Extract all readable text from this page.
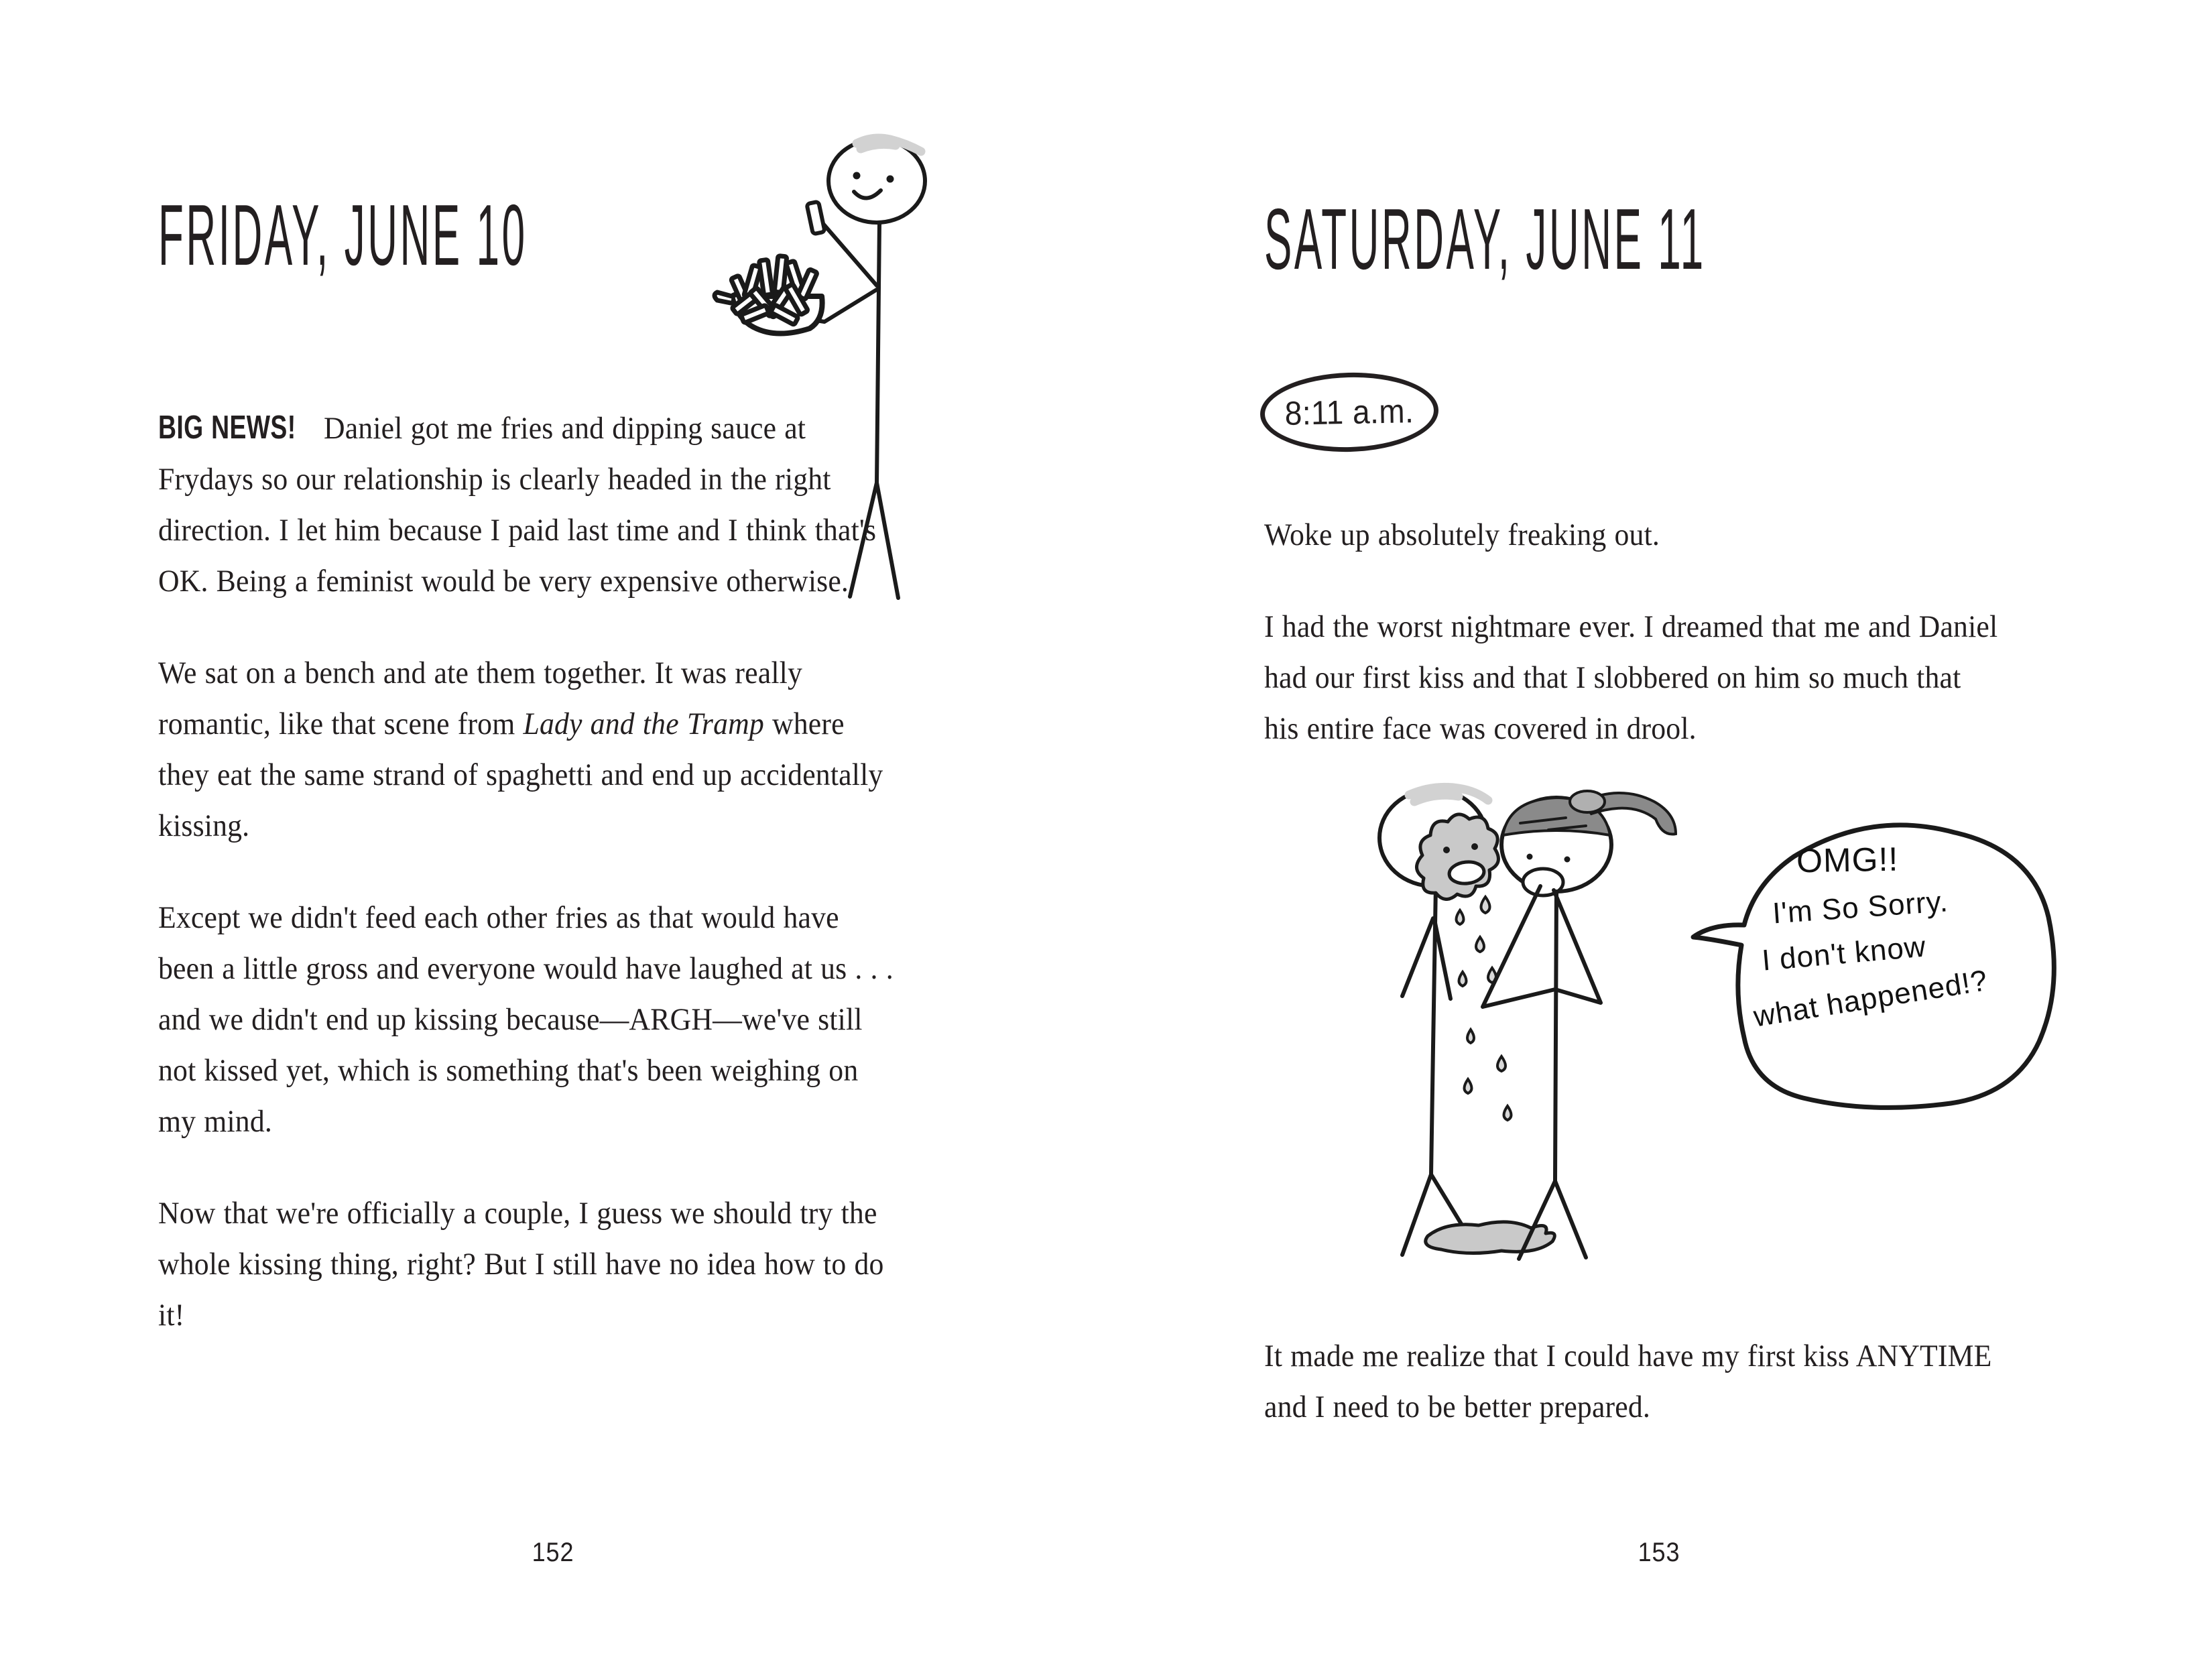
FRIDAY, JUNE 10

BIG NEWS! Daniel got me fries and dipping sauce at Frydays so our relationship is clearly headed in the right direction. I let him because I paid last time and I think that's OK. Being a feminist would be very expensive otherwise.

We sat on a bench and ate them together. It was really romantic, like that scene from Lady and the Tramp where they eat the same strand of spaghetti and end up accidentally kissing.

Except we didn't feed each other fries as that would have been a little gross and everyone would have laughed at us . . . and we didn't end up kissing because—ARGH—we've still not kissed yet, which is something that's been weighing on my mind.

Now that we're officially a couple, I guess we should try the whole kissing thing, right? But I still have no idea how to do it!

152
SATURDAY, JUNE 11

Woke up absolutely freaking out.

I had the worst nightmare ever. I dreamed that me and Daniel had our first kiss and that I slobbered on him so much that his entire face was covered in drool.

It made me realize that I could have my first kiss ANYTIME and I need to be better prepared.

153
8:11 a.m.
OMG!!
I'm So Sorry.
I don't know
what happened!?
